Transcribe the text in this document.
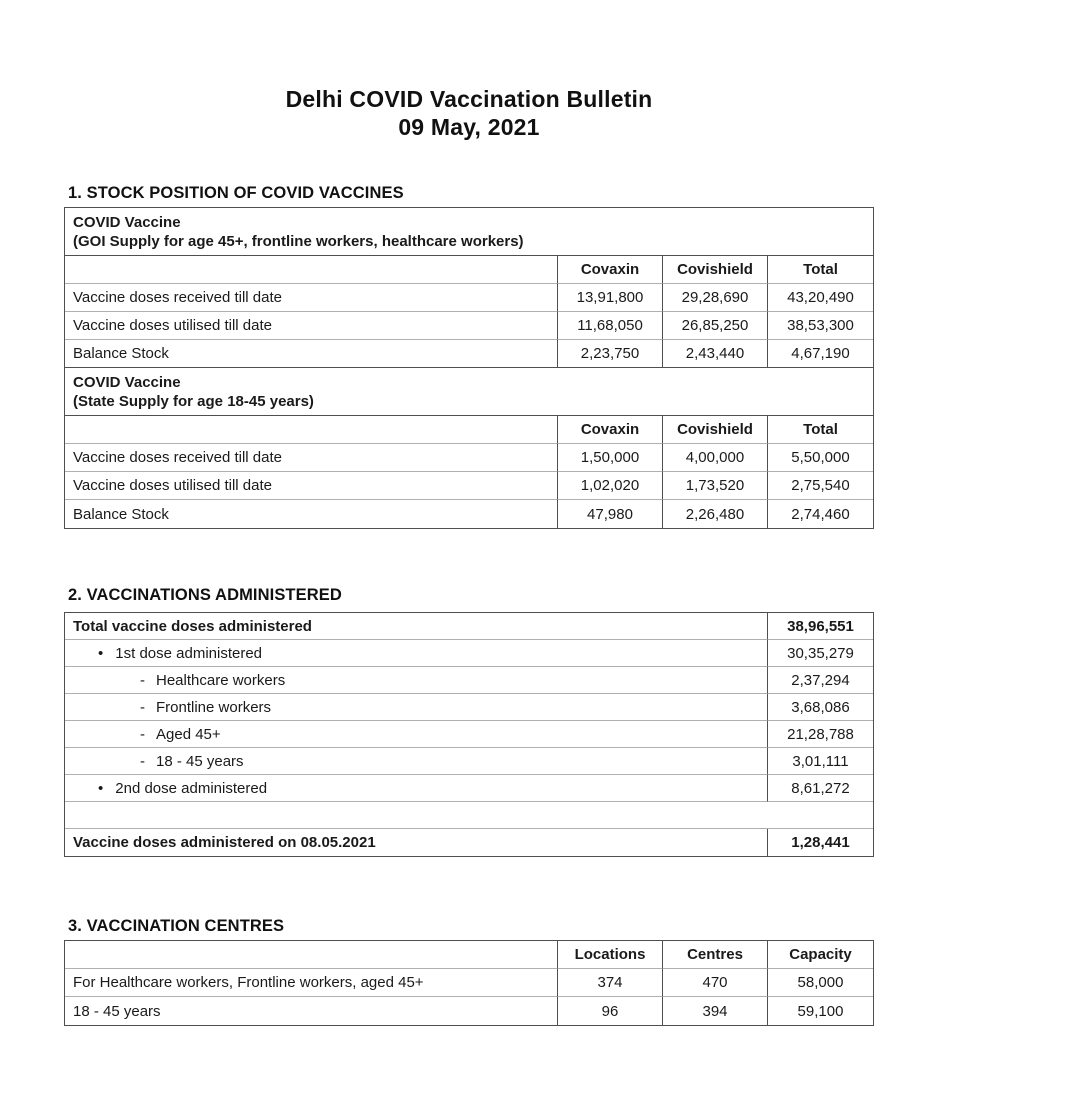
Delhi COVID Vaccination Bulletin
09 May, 2021
1. STOCK POSITION OF COVID VACCINES
COVID Vaccine
(GOI Supply for age 45+, frontline workers, healthcare workers)			

	Covaxin	Covishield	Total
Vaccine doses received till date	13,91,800	29,28,690	43,20,490
Vaccine doses utilised till date	11,68,050	26,85,250	38,53,300
Balance Stock	2,23,750	2,43,440	4,67,190

COVID Vaccine
(State Supply for age 18-45 years)			

	Covaxin	Covishield	Total
Vaccine doses received till date	1,50,000	4,00,000	5,50,000
Vaccine doses utilised till date	1,02,020	1,73,520	2,75,540
Balance Stock	47,980	2,26,480	2,74,460
2. VACCINATIONS ADMINISTERED
Total vaccine doses administered	38,96,551
• 1st dose administered	30,35,279
- Healthcare workers	2,37,294
- Frontline workers	3,68,086
- Aged 45+	21,28,788
- 18 - 45 years	3,01,111
• 2nd dose administered	8,61,272

Vaccine doses administered on 08.05.2021	1,28,441
3. VACCINATION CENTRES
	Locations	Centres	Capacity
For Healthcare workers, Frontline workers, aged 45+	374	470	58,000
18 - 45 years	96	394	59,100
